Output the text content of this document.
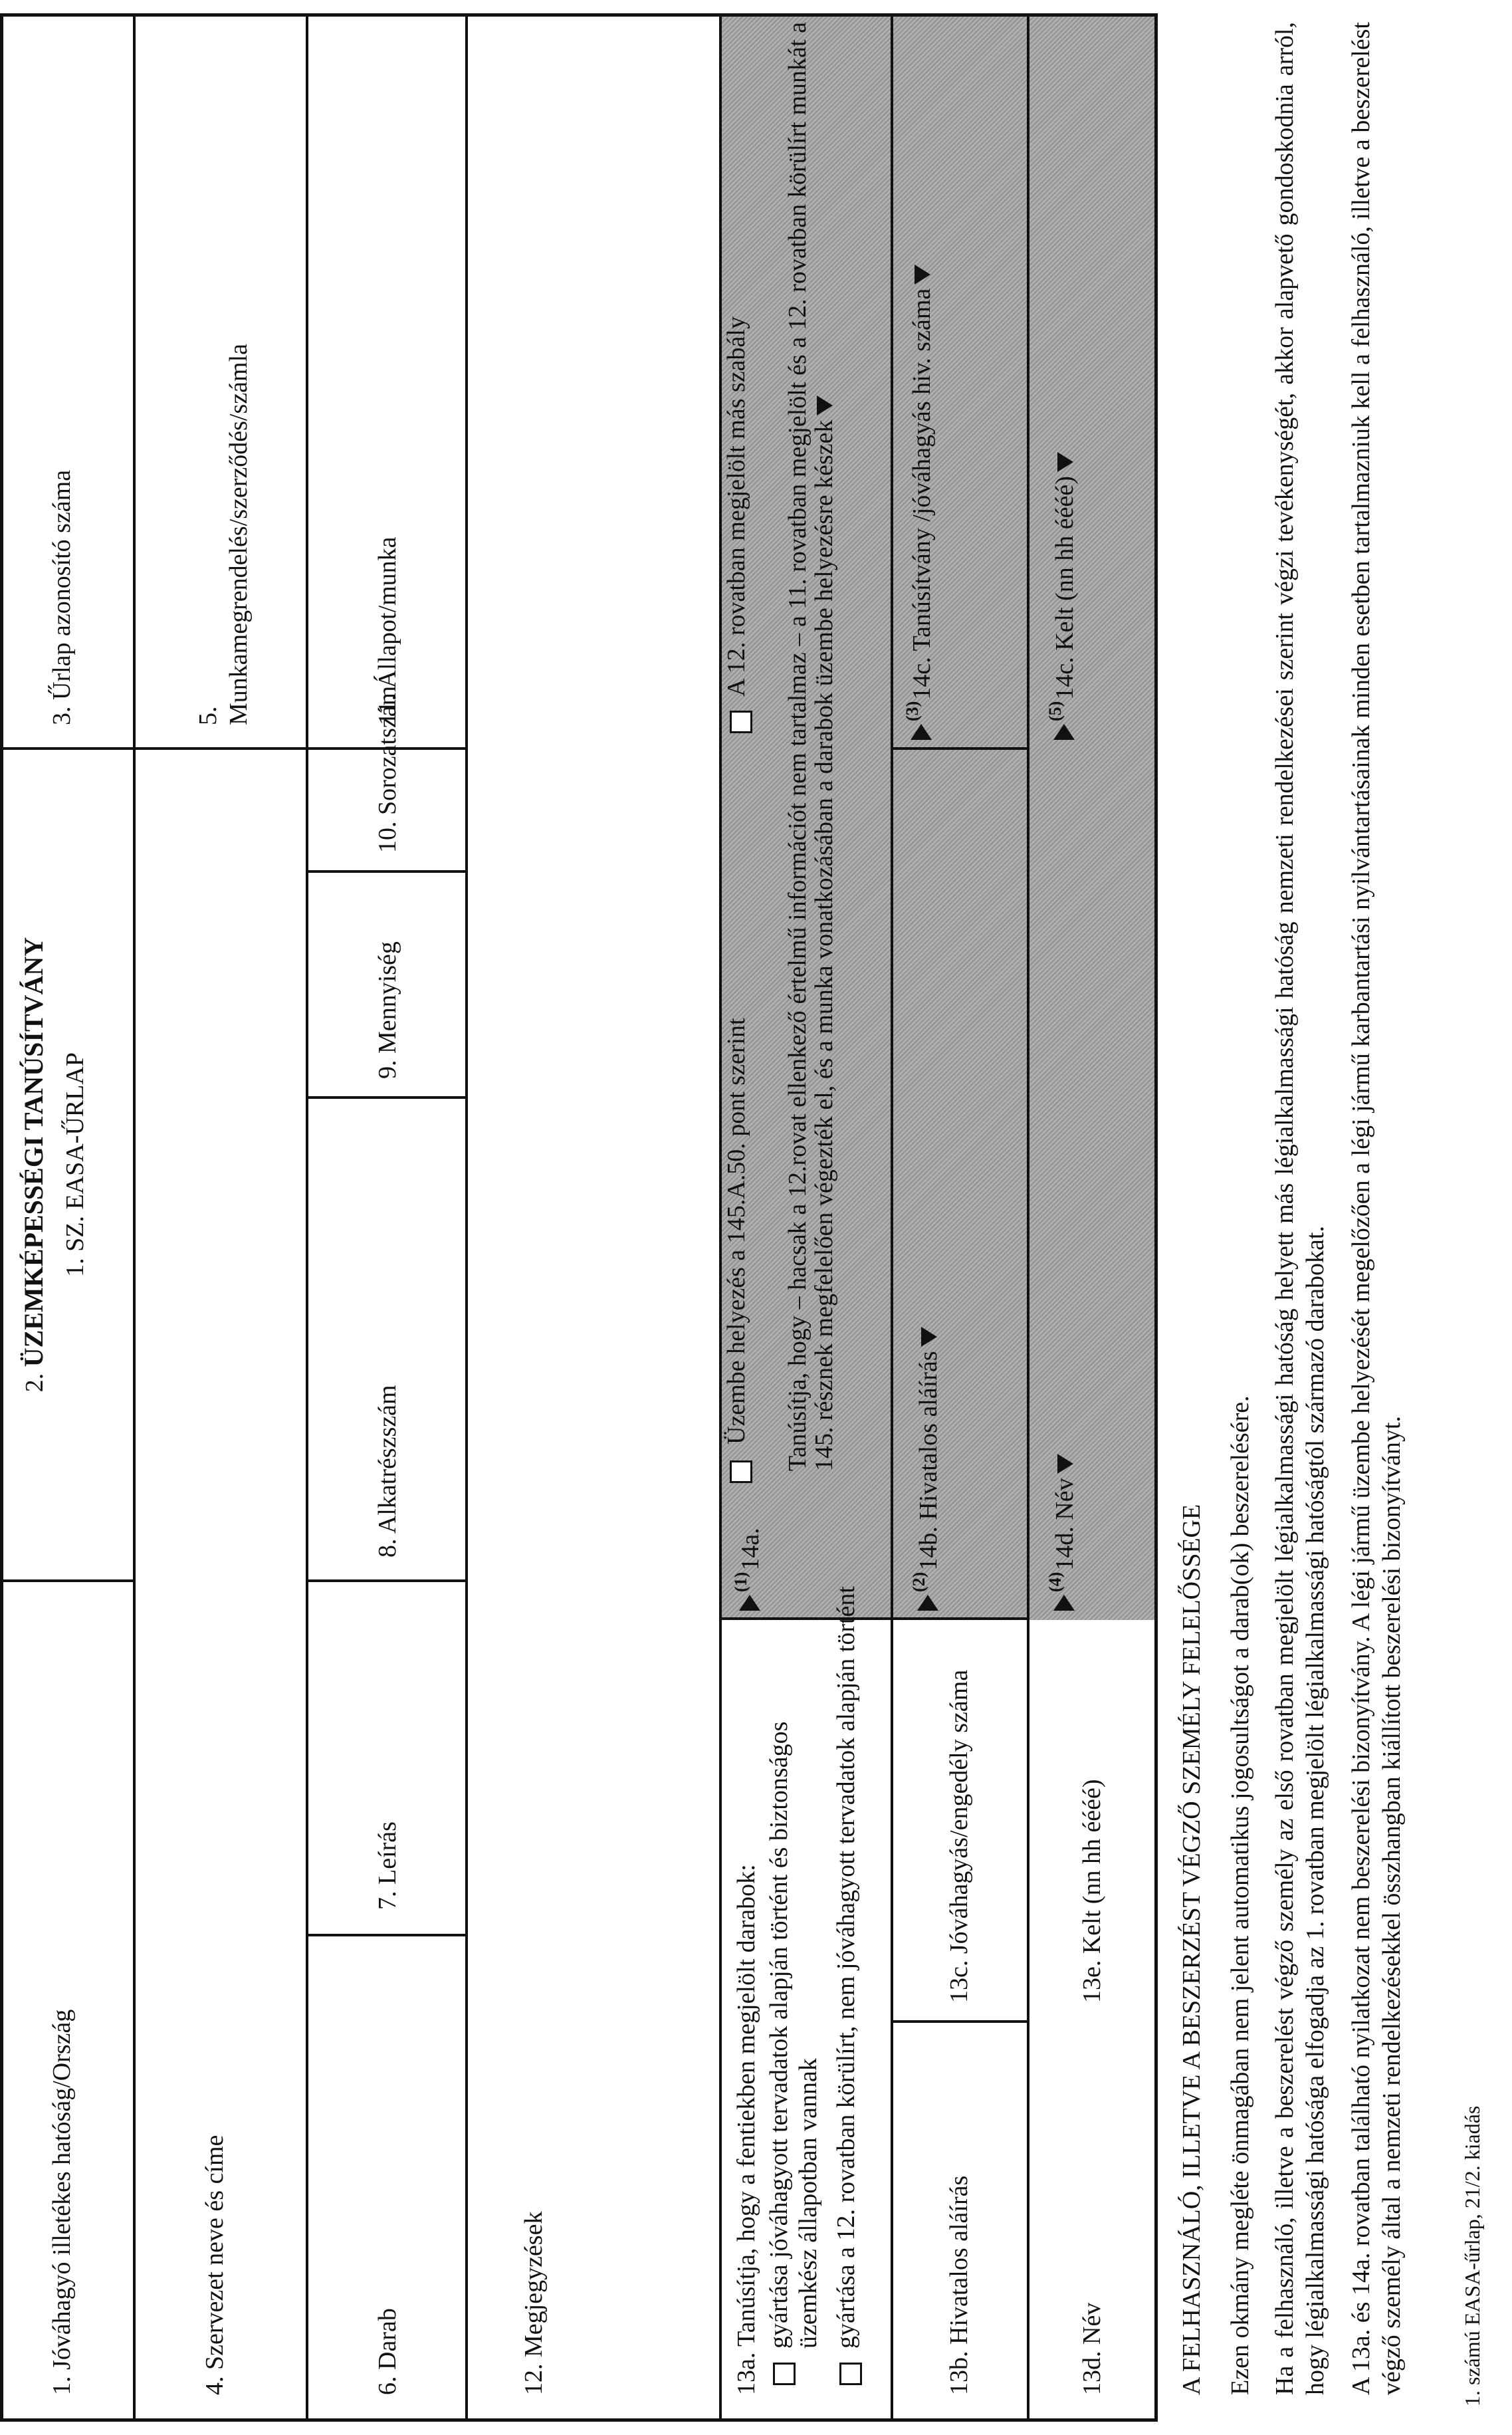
1. Jóváhagyó illetékes hatóság/Ország
2. ÜZEMKÉPESSÉGI TANÚSÍTVÁNY 1. SZ. EASA-ŰRLAP
3. Űrlap azonosító száma
4. Szervezet neve és címe
5. Munkamegrendelés/szerződés/számla
6. Darab
7. Leírás
8. Alkatrészszám
9. Mennyiség
10. Sorozatszám
11. Állapot/munka
12. Megjegyzések	13a. Tanúsítja, hogy a fentiekben megjelölt darabok: gyártása jóváhagyott tervadatok alapján történt és biztonságos üzemkész állapotban vannak gyártása a 12. rovatban körülírt, nem jóváhagyott tervadatok alapján történt
$^{(1)}$14a.
Üzembe helyezés a 145.A.50. pont szerint
A 12. rovatban megjelölt más szabály Tanúsítja, hogy – hacsak a 12.rovat ellenkező értelmű információt nem tartalmaz – a 11. rovatban megjelölt és a 12. rovatban körülírt munkát a 145. résznek megfelelően végezték el, és a munka vonatkozásában a darabok üzembe helyezésre készek
13b. Hivatalos aláírás
13c. Jóváhagyás/engedély száma
$^{(2)}$14b. Hivatalos aláírás
$^{(3)}$14c. Tanúsítvány /jóváhagyás hiv. száma
13d. Név
13e. Kelt (nn hh éééé)
$^{(4)}$14d. Név
$^{(5)}$14c. Kelt (nn hh éééé)
A FELHASZNÁLÓ, ILLETVE A BESZERZÉST VÉGZŐ SZEMÉLY FELELŐSSÉGE Ezen okmány megléte önmagában nem jelent automatikus jogosultságot a darab(ok) beszerelésére. Ha a felhasználó, illetve a beszerelést végző személy az első rovatban megjelölt légialkalmassági hatóság helyett más légialkalmassági hatóság nemzeti rendelkezései szerint végzi tevékenységét, akkor alapvető gondoskodnia arról, hogy légialkalmassági hatósága elfogadja az 1. rovatban megjelölt légialkalmassági hatóságtól származó darabokat. A 13a. és 14a. rovatban található nyilatkozat nem beszerelési bizonyítvány. A légi jármű üzembe helyezését megelőzően a légi jármű karbantartási nyilvántartásainak minden esetben tartalmazniuk kell a felhasználó, illetve a beszerelést végző személy által a nemzeti rendelkezésekkel összhangban kiállított beszerelési bizonyítványt.	1. számú EASA-űrlap, 21/2. kiadás
